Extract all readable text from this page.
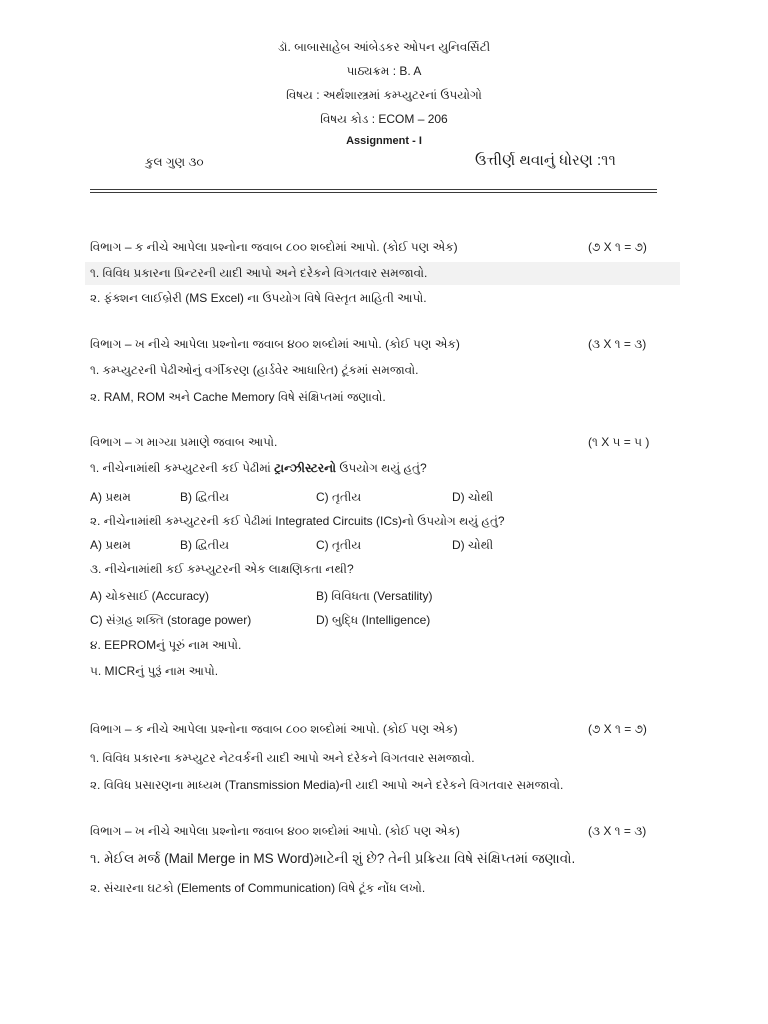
ડૉ. બાબાસાહેબ આંબેડકર ઓપન યુનિવર્સિટી
પાઠ્યક્રમ : B. A
વિષય : અર્થશાસ્ત્રમાં કમ્પ્યુટરનાં ઉપયોગો
વિષય કોડ : ECOM – 206
Assignment - I
કુલ ગુણ ૩૦	ઉત્તીર્ણ થવાનું ધોરણ :૧૧
વિભાગ – ક નીચે આપેલા પ્રશ્નોના જવાબ ૮૦૦ શબ્દોમાં આપો. (કોઈ પણ એક)	(૭ X ૧ = ૭)
૧. વિવિધ પ્રકારના પ્રિન્ટરની યાદી આપો અને દરેકને વિગતવાર સમજાવો.
૨. ફંક્શન લાઈબ્રેરી (MS Excel) ના ઉપયોગ વિષે વિસ્તૃત માહિતી આપો.
વિભાગ – ખ નીચે આપેલા પ્રશ્નોના જવાબ ૪૦૦ શબ્દોમાં આપો. (કોઈ પણ એક)	(૩ X ૧ = ૩)
૧. કમ્પ્યુટરની પેઢીઓનું વર્ગીકરણ (હાર્ડવેર આધારિત) ટૂંકમાં સમજાવો.
૨. RAM, ROM અને Cache Memory વિષે સંક્ષિપ્તમાં જણાવો.
વિભાગ – ગ માગ્યા પ્રમાણે જવાબ આપો.	(૧ X ૫ = ૫ )
૧. નીચેનામાંથી કમ્પ્યુટરની કઈ પેઢીમાં ટ્રાન્ઝીસ્ટરનો ઉપયોગ થયું હતું?
A) પ્રથમ	B) દ્વિતીય	C) તૃતીય	D) ચોથી
૨. નીચેનામાંથી કમ્પ્યુટરની કઈ પેઢીમાં Integrated Circuits (ICs)નો ઉપયોગ થયું હતું?
A) પ્રથમ	B) દ્વિતીય	C) તૃતીય	D) ચોથી
૩. નીચેનામાંથી કઈ કમ્પ્યુટરની એક લાક્ષણિકતા નથી?
A) ચોકસાઈ (Accuracy)	B) વિવિધતા (Versatility)
C) સંગ્રહ શક્તિ (storage power)	D) બુદ્ધિ (Intelligence)
૪. EEPROMનું પૂરું નામ આપો.
૫. MICRનું પુરૂં નામ આપો.
વિભાગ – ક નીચે આપેલા પ્રશ્નોના જવાબ ૮૦૦ શબ્દોમાં આપો. (કોઈ પણ એક)	(૭ X ૧ = ૭)
૧. વિવિધ પ્રકારના કમ્પ્યુટર નેટવર્કની યાદી આપો અને દરેકને વિગતવાર સમજાવો.
૨. વિવિધ પ્રસારણના માધ્યમ (Transmission Media)ની યાદી આપો અને દરેકને વિગતવાર સમજાવો.
વિભાગ – ખ નીચે આપેલા પ્રશ્નોના જવાબ ૪૦૦ શબ્દોમાં આપો. (કોઈ પણ એક)	(૩ X ૧ = ૩)
૧. મેઈલ મર્જ (Mail Merge in MS Word)માટેની શું છે? તેની પ્રક્રિયા વિષે સંક્ષિપ્તમાં જણાવો.
૨. સંચારના ઘટકો (Elements of Communication) વિષે ટૂંક નોંધ લખો.
